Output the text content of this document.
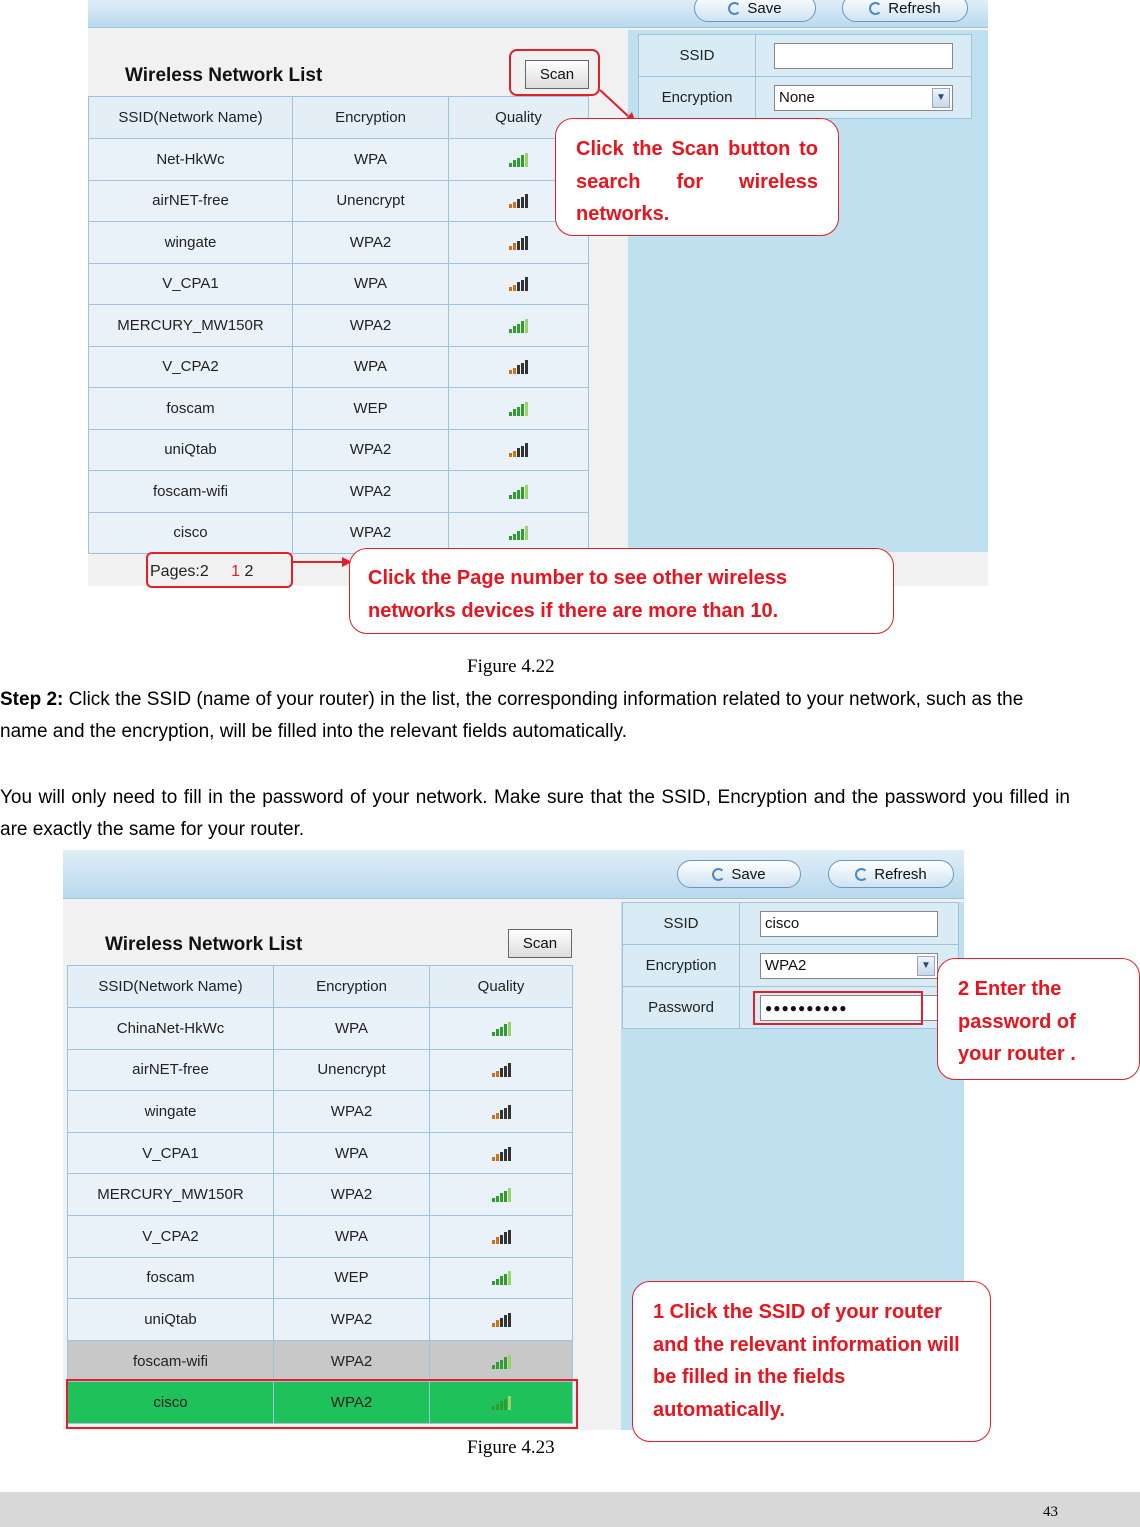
Save	Refresh
Wireless Network List	Scan
SSID(Network Name)	Encryption	Quality
Net-HkWc	WPA	

airNET-free	Unencrypt	

wingate	WPA2	

V_CPA1	WPA	

MERCURY_MW150R	WPA2	

V_CPA2	WPA	

foscam	WEP	

uniQtab	WPA2	

foscam-wifi	WPA2	

cisco	WPA2	
Pages:2 1 2
SSID	

Encryption	None ▼
Click the Scan button to search for wireless networks.
Click the Page number to see other wireless networks devices if there are more than 10.
Figure 4.22
Step 2: Click the SSID (name of your router) in the list, the corresponding information related to your network, such as the name and the encryption, will be filled into the relevant fields automatically.
You will only need to fill in the password of your network. Make sure that the SSID, Encryption and the password you filled in are exactly the same for your router.
Save	Refresh
Wireless Network List	Scan
SSID(Network Name)	Encryption	Quality
ChinaNet-HkWc	WPA	

airNET-free	Unencrypt	

wingate	WPA2	

V_CPA1	WPA	

MERCURY_MW150R	WPA2	

V_CPA2	WPA	

foscam	WEP	

uniQtab	WPA2	

foscam-wifi	WPA2	

cisco	WPA2	
SSID	cisco

Encryption	WPA2 ▼

Password	●●●●●●●●●●
2 Enter the password of your router .
1 Click the SSID of your router and the relevant information will be filled in the fields automatically.
Figure 4.23
43
